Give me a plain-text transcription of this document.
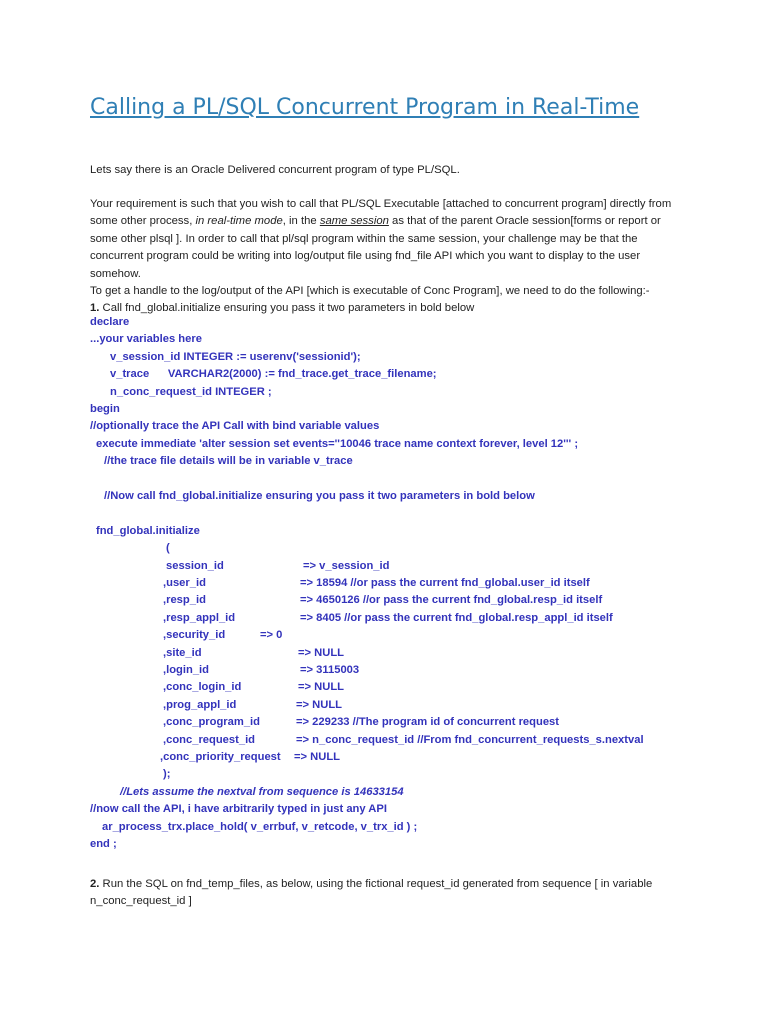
Calling a PL/SQL Concurrent Program in Real-Time

Lets say there is an Oracle Delivered concurrent program of type PL/SQL.

Your requirement is such that you wish to call that PL/SQL Executable [attached to concurrent program] directly from some other process, in real-time mode, in the same session as that of the parent Oracle session[forms or report or some other plsql ]. In order to call that pl/sql program within the same session, your challenge may be that the concurrent program could be writing into log/output file using fnd_file API which you want to display to the user somehow.

To get a handle to the log/output of the API [which is executable of Conc Program], we need to do the following:-

1. Call fnd_global.initialize ensuring you pass it two parameters in bold below

declare
...your variables here
v_session_id INTEGER := userenv('sessionid');
v_trace      VARCHAR2(2000) := fnd_trace.get_trace_filename;
n_conc_request_id INTEGER ;
begin
//optionally trace the API Call with bind variable values
execute immediate 'alter session set events=''10046 trace name context forever, level 12''' ;
//the trace file details will be in variable v_trace
//Now call fnd_global.initialize ensuring you pass it two parameters in bold below
fnd_global.initialize
(
session_id	=> v_session_id
,user_id	=> 18594 //or pass the current fnd_global.user_id itself
,resp_id	=> 4650126 //or pass the current fnd_global.resp_id itself
,resp_appl_id	=> 8405 //or pass the current fnd_global.resp_appl_id itself
,security_id	=> 0
,site_id	=> NULL
,login_id	=> 3115003
,conc_login_id	=> NULL
,prog_appl_id	=> NULL
,conc_program_id	=> 229233 //The program id of concurrent request
,conc_request_id	=> n_conc_request_id //From fnd_concurrent_requests_s.nextval
,conc_priority_request => NULL
);
//Lets assume the nextval from sequence is 14633154
//now call the API, i have arbitrarily typed in just any API
ar_process_trx.place_hold( v_errbuf, v_retcode, v_trx_id ) ;
end ;

2. Run the SQL on fnd_temp_files, as below, using the fictional request_id generated from sequence [ in variable n_conc_request_id ]
